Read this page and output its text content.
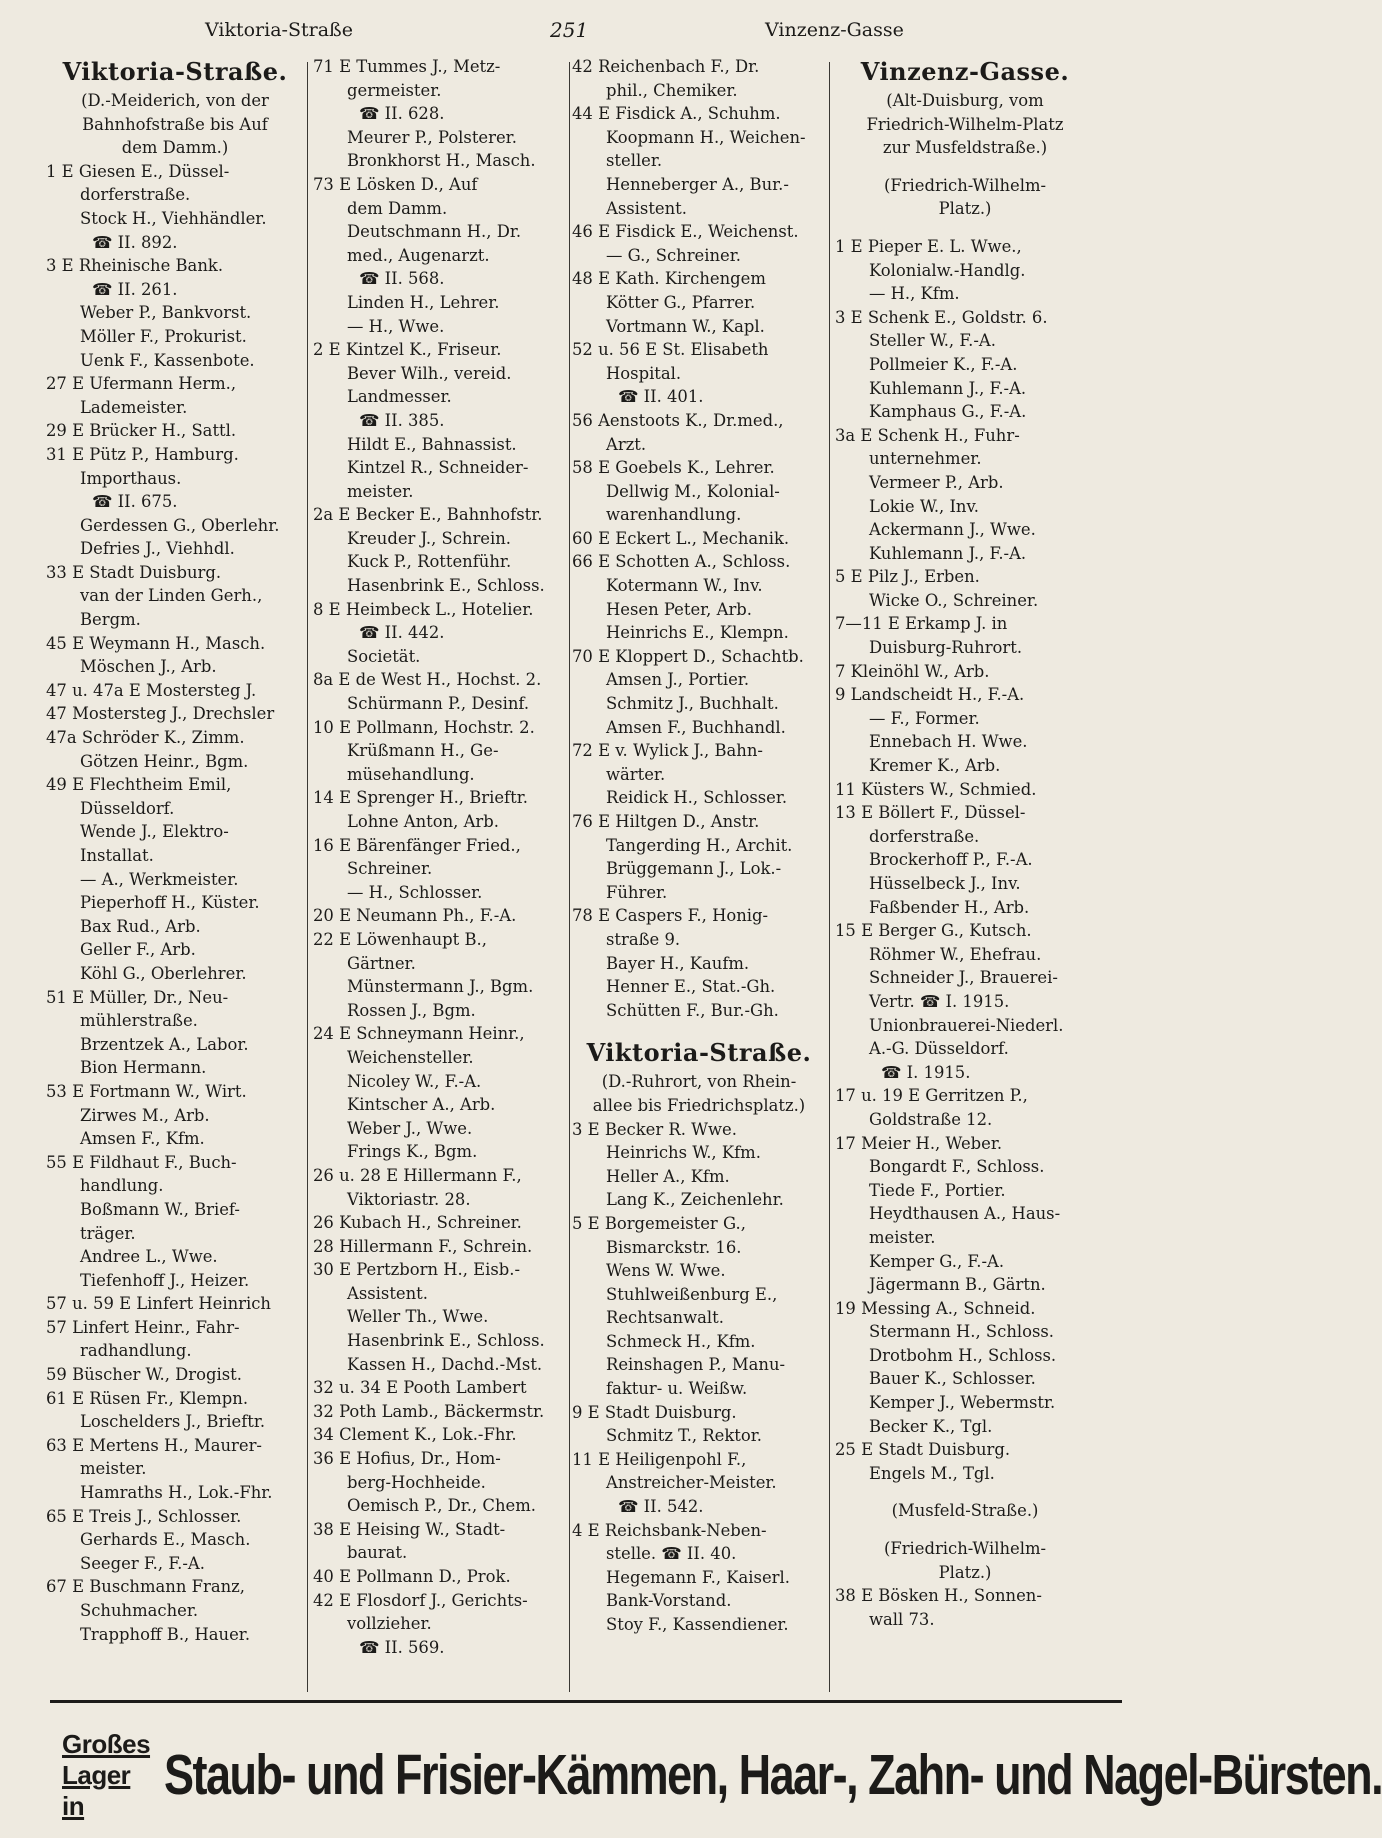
Viktoria-Straße	251	Vinzenz-Gasse
Viktoria-Straße.
(D.-Meiderich, von der
Bahnhofstraße bis Auf
dem Damm.)
1 E Giesen E., Düssel-
dorferstraße.
Stock H., Viehhändler.
☎ II. 892.
3 E Rheinische Bank.
☎ II. 261.
Weber P., Bankvorst.
Möller F., Prokurist.
Uenk F., Kassenbote.
27 E Ufermann Herm.,
Lademeister.
29 E Brücker H., Sattl.
31 E Pütz P., Hamburg.
Importhaus.
☎ II. 675.
Gerdessen G., Oberlehr.
Defries J., Viehhdl.
33 E Stadt Duisburg.
van der Linden Gerh.,
Bergm.
45 E Weymann H., Masch.
Möschen J., Arb.
47 u. 47a E Mostersteg J.
47 Mostersteg J., Drechsler
47a Schröder K., Zimm.
Götzen Heinr., Bgm.
49 E Flechtheim Emil,
Düsseldorf.
Wende J., Elektro-
Installat.
— A., Werkmeister.
Pieperhoff H., Küster.
Bax Rud., Arb.
Geller F., Arb.
Köhl G., Oberlehrer.
51 E Müller, Dr., Neu-
mühlerstraße.
Brzentzek A., Labor.
Bion Hermann.
53 E Fortmann W., Wirt.
Zirwes M., Arb.
Amsen F., Kfm.
55 E Fildhaut F., Buch-
handlung.
Boßmann W., Brief-
träger.
Andree L., Wwe.
Tiefenhoff J., Heizer.
57 u. 59 E Linfert Heinrich
57 Linfert Heinr., Fahr-
radhandlung.
59 Büscher W., Drogist.
61 E Rüsen Fr., Klempn.
Loschelders J., Brieftr.
63 E Mertens H., Maurer-
meister.
Hamraths H., Lok.-Fhr.
65 E Treis J., Schlosser.
Gerhards E., Masch.
Seeger F., F.-A.
67 E Buschmann Franz,
Schuhmacher.
Trapphoff B., Hauer.
71 E Tummes J., Metz-
germeister.
☎ II. 628.
Meurer P., Polsterer.
Bronkhorst H., Masch.
73 E Lösken D., Auf
dem Damm.
Deutschmann H., Dr.
med., Augenarzt.
☎ II. 568.
Linden H., Lehrer.
— H., Wwe.
2 E Kintzel K., Friseur.
Bever Wilh., vereid.
Landmesser.
☎ II. 385.
Hildt E., Bahnassist.
Kintzel R., Schneider-
meister.
2a E Becker E., Bahnhofstr.
Kreuder J., Schrein.
Kuck P., Rottenführ.
Hasenbrink E., Schloss.
8 E Heimbeck L., Hotelier.
☎ II. 442.
Societät.
8a E de West H., Hochst. 2.
Schürmann P., Desinf.
10 E Pollmann, Hochstr. 2.
Krüßmann H., Ge-
müsehandlung.
14 E Sprenger H., Brieftr.
Lohne Anton, Arb.
16 E Bärenfänger Fried.,
Schreiner.
— H., Schlosser.
20 E Neumann Ph., F.-A.
22 E Löwenhaupt B.,
Gärtner.
Münstermann J., Bgm.
Rossen J., Bgm.
24 E Schneymann Heinr.,
Weichensteller.
Nicoley W., F.-A.
Kintscher A., Arb.
Weber J., Wwe.
Frings K., Bgm.
26 u. 28 E Hillermann F.,
Viktoriastr. 28.
26 Kubach H., Schreiner.
28 Hillermann F., Schrein.
30 E Pertzborn H., Eisb.-
Assistent.
Weller Th., Wwe.
Hasenbrink E., Schloss.
Kassen H., Dachd.-Mst.
32 u. 34 E Pooth Lambert
32 Poth Lamb., Bäckermstr.
34 Clement K., Lok.-Fhr.
36 E Hofius, Dr., Hom-
berg-Hochheide.
Oemisch P., Dr., Chem.
38 E Heising W., Stadt-
baurat.
40 E Pollmann D., Prok.
42 E Flosdorf J., Gerichts-
vollzieher.
☎ II. 569.
42 Reichenbach F., Dr.
phil., Chemiker.
44 E Fisdick A., Schuhm.
Koopmann H., Weichen-
steller.
Henneberger A., Bur.-
Assistent.
46 E Fisdick E., Weichenst.
— G., Schreiner.
48 E Kath. Kirchengem
Kötter G., Pfarrer.
Vortmann W., Kapl.
52 u. 56 E St. Elisabeth
Hospital.
☎ II. 401.
56 Aenstoots K., Dr.med.,
Arzt.
58 E Goebels K., Lehrer.
Dellwig M., Kolonial-
warenhandlung.
60 E Eckert L., Mechanik.
66 E Schotten A., Schloss.
Kotermann W., Inv.
Hesen Peter, Arb.
Heinrichs E., Klempn.
70 E Kloppert D., Schachtb.
Amsen J., Portier.
Schmitz J., Buchhalt.
Amsen F., Buchhandl.
72 E v. Wylick J., Bahn-
wärter.
Reidick H., Schlosser.
76 E Hiltgen D., Anstr.
Tangerding H., Archit.
Brüggemann J., Lok.-
Führer.
78 E Caspers F., Honig-
straße 9.
Bayer H., Kaufm.
Henner E., Stat.-Gh.
Schütten F., Bur.-Gh.
Viktoria-Straße.
(D.-Ruhrort, von Rhein-
allee bis Friedrichsplatz.)
3 E Becker R. Wwe.
Heinrichs W., Kfm.
Heller A., Kfm.
Lang K., Zeichenlehr.
5 E Borgemeister G.,
Bismarckstr. 16.
Wens W. Wwe.
Stuhlweißenburg E.,
Rechtsanwalt.
Schmeck H., Kfm.
Reinshagen P., Manu-
faktur- u. Weißw.
9 E Stadt Duisburg.
Schmitz T., Rektor.
11 E Heiligenpohl F.,
Anstreicher-Meister.
☎ II. 542.
4 E Reichsbank-Neben-
stelle. ☎ II. 40.
Hegemann F., Kaiserl.
Bank-Vorstand.
Stoy F., Kassendiener.
Vinzenz-Gasse.
(Alt-Duisburg, vom
Friedrich-Wilhelm-Platz
zur Musfeldstraße.)
(Friedrich-Wilhelm-
Platz.)
1 E Pieper E. L. Wwe.,
Kolonialw.-Handlg.
— H., Kfm.
3 E Schenk E., Goldstr. 6.
Steller W., F.-A.
Pollmeier K., F.-A.
Kuhlemann J., F.-A.
Kamphaus G., F.-A.
3a E Schenk H., Fuhr-
unternehmer.
Vermeer P., Arb.
Lokie W., Inv.
Ackermann J., Wwe.
Kuhlemann J., F.-A.
5 E Pilz J., Erben.
Wicke O., Schreiner.
7—11 E Erkamp J. in
Duisburg-Ruhrort.
7 Kleinöhl W., Arb.
9 Landscheidt H., F.-A.
— F., Former.
Ennebach H. Wwe.
Kremer K., Arb.
11 Küsters W., Schmied.
13 E Böllert F., Düssel-
dorferstraße.
Brockerhoff P., F.-A.
Hüsselbeck J., Inv.
Faßbender H., Arb.
15 E Berger G., Kutsch.
Röhmer W., Ehefrau.
Schneider J., Brauerei-
Vertr. ☎ I. 1915.
Unionbrauerei-Niederl.
A.-G. Düsseldorf.
☎ I. 1915.
17 u. 19 E Gerritzen P.,
Goldstraße 12.
17 Meier H., Weber.
Bongardt F., Schloss.
Tiede F., Portier.
Heydthausen A., Haus-
meister.
Kemper G., F.-A.
Jägermann B., Gärtn.
19 Messing A., Schneid.
Stermann H., Schloss.
Drotbohm H., Schloss.
Bauer K., Schlosser.
Kemper J., Webermstr.
Becker K., Tgl.
25 E Stadt Duisburg.
Engels M., Tgl.
(Musfeld-Straße.)
(Friedrich-Wilhelm-
Platz.)
38 E Bösken H., Sonnen-
wall 73.
Großes Lager in	Staub- und Frisier-Kämmen, Haar-, Zahn- und Nagel-Bürsten.
